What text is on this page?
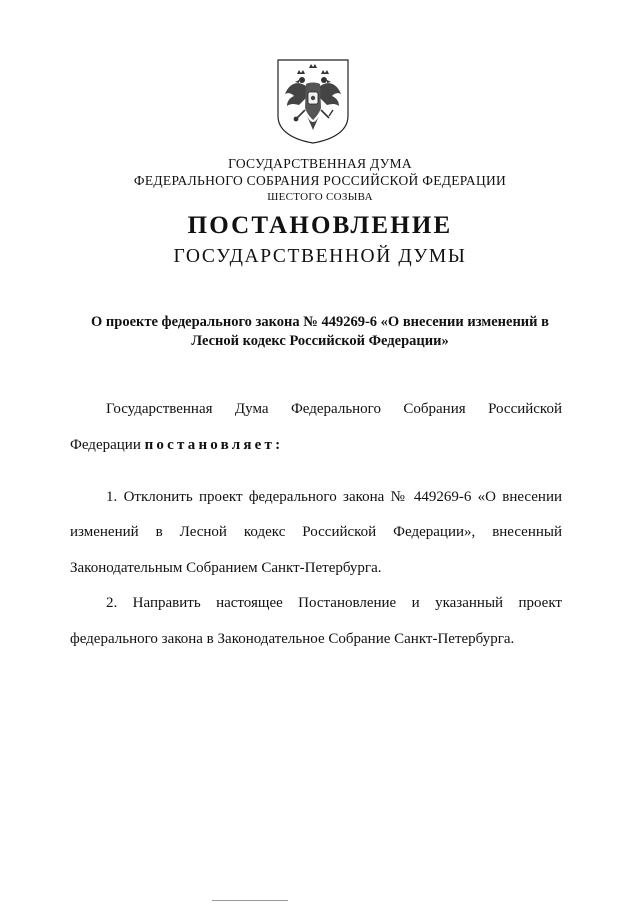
ГОСУДАРСТВЕННАЯ ДУМА
ФЕДЕРАЛЬНОГО СОБРАНИЯ РОССИЙСКОЙ ФЕДЕРАЦИИ
ШЕСТОГО СОЗЫВА
ПОСТАНОВЛЕНИЕ
ГОСУДАРСТВЕННОЙ ДУМЫ
О проекте федерального закона № 449269-6 «О внесении изменений в
Лесной кодекс Российской Федерации»
Государственная Дума Федерального Собрания Российской
Федерации постановляет:
1. Отклонить проект федерального закона № 449269-6 «О внесении
изменений в Лесной кодекс Российской Федерации», внесенный
Законодательным Собранием Санкт-Петербурга.
2. Направить настоящее Постановление и указанный проект
федерального закона в Законодательное Собрание Санкт-Петербурга.
